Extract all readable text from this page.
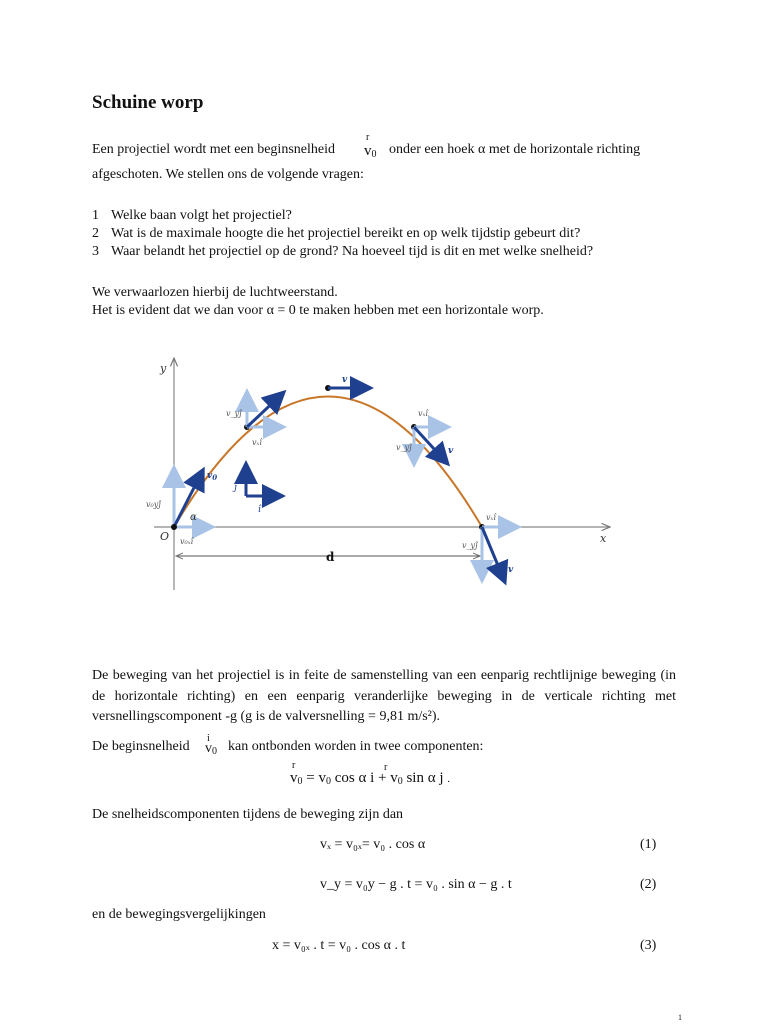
Schuine worp
Een projectiel wordt met een beginsnelheid
r
$v_0$ onder een hoek α met de horizontale richting
afgeschoten. We stellen ons de volgende vragen:
1 Welke baan volgt het projectiel?
2 Wat is de maximale hoogte die het projectiel bereikt en op welk tijdstip gebeurt dit?
3 Waar belandt het projectiel op de grond? Na hoeveel tijd is dit en met welke snelheid?
We verwaarlozen hierbij de luchtweerstand.
Het is evident dat we dan voor α = 0 te maken hebben met een horizontale worp.
y
x
O
d
$v_0$
v₀yĵ
v₀ₓî
α
v
v_yĵ
vₓî
v
v
vₓî
v_yĵ
v
vₓî
v_yĵ
ĵ
î
De beweging van het projectiel is in feite de samenstelling van een eenparig rechtlijnige beweging (in de horizontale richting) en een eenparig veranderlijke beweging in de verticale richting met versnellingscomponent -g (g is de valversnelling = 9,81 m/s²).
De beginsnelheid
i
$v_0$ kan ontbonden worden in twee componenten:
r	r
$v_0 = v_0$ cos α $i + v_0$ sin α j .
De snelheidscomponenten tijdens de beweging zijn dan
vₓ = v₀ₓ= v₀ . cos α	(1)
v_y = v₀y − g . t = v₀ . sin α − g . t	(2)
en de bewegingsvergelijkingen
x = v₀ₓ . t = v₀ . cos α . t	(3)
1
